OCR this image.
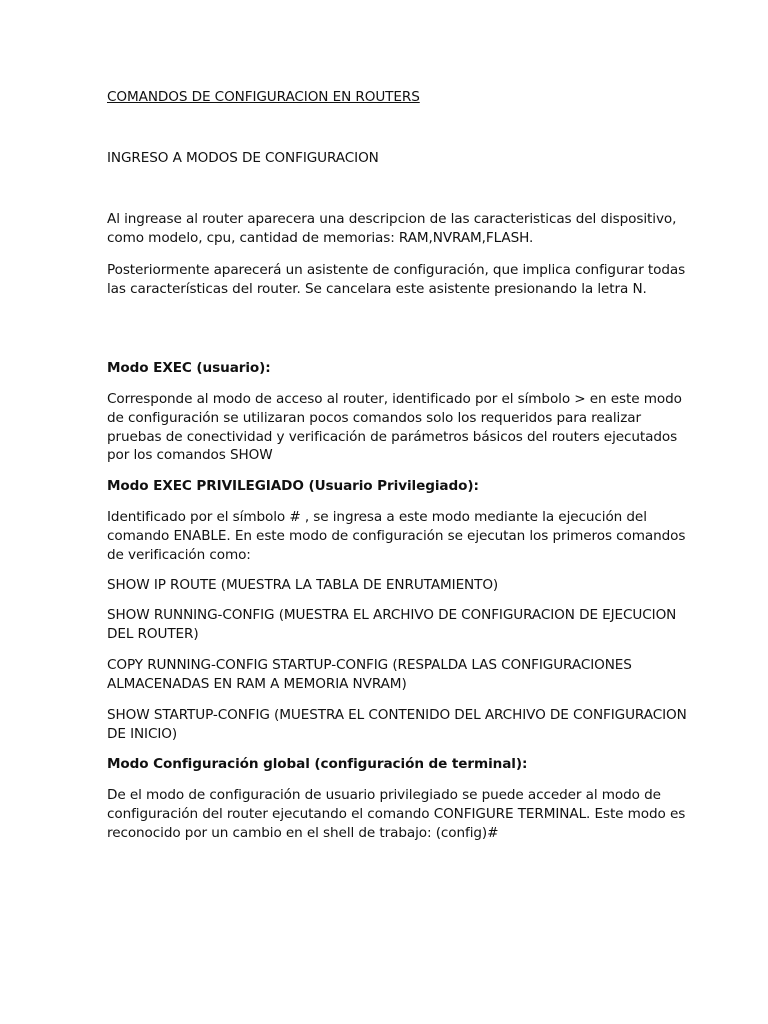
COMANDOS DE CONFIGURACION EN ROUTERS

INGRESO A MODOS DE CONFIGURACION

Al ingrease al router aparecera una descripcion de las caracteristicas del dispositivo, como modelo, cpu, cantidad de memorias: RAM,NVRAM,FLASH.

Posteriormente aparecerá un asistente de configuración, que implica configurar todas las características del router. Se cancelara este asistente presionando la letra N.

Modo EXEC (usuario):

Corresponde al modo de acceso al router, identificado por el símbolo > en este modo de configuración se utilizaran pocos comandos solo los requeridos para realizar pruebas de conectividad y verificación de parámetros básicos del routers ejecutados por los comandos SHOW

Modo EXEC PRIVILEGIADO (Usuario Privilegiado):

Identificado por el símbolo # , se ingresa a este modo mediante la ejecución del comando ENABLE. En este modo de configuración se ejecutan los primeros comandos de verificación como:

SHOW IP ROUTE (MUESTRA LA TABLA DE ENRUTAMIENTO)

SHOW RUNNING-CONFIG (MUESTRA EL ARCHIVO DE CONFIGURACION DE EJECUCION DEL ROUTER)

COPY RUNNING-CONFIG STARTUP-CONFIG (RESPALDA LAS CONFIGURACIONES ALMACENADAS EN RAM A MEMORIA NVRAM)

SHOW STARTUP-CONFIG (MUESTRA EL CONTENIDO DEL ARCHIVO DE CONFIGURACION DE INICIO)

Modo Configuración global (configuración de terminal):

De el modo de configuración de usuario privilegiado se puede acceder al modo de configuración del router ejecutando el comando CONFIGURE TERMINAL. Este modo es reconocido por un cambio en el shell de trabajo: (config)#
